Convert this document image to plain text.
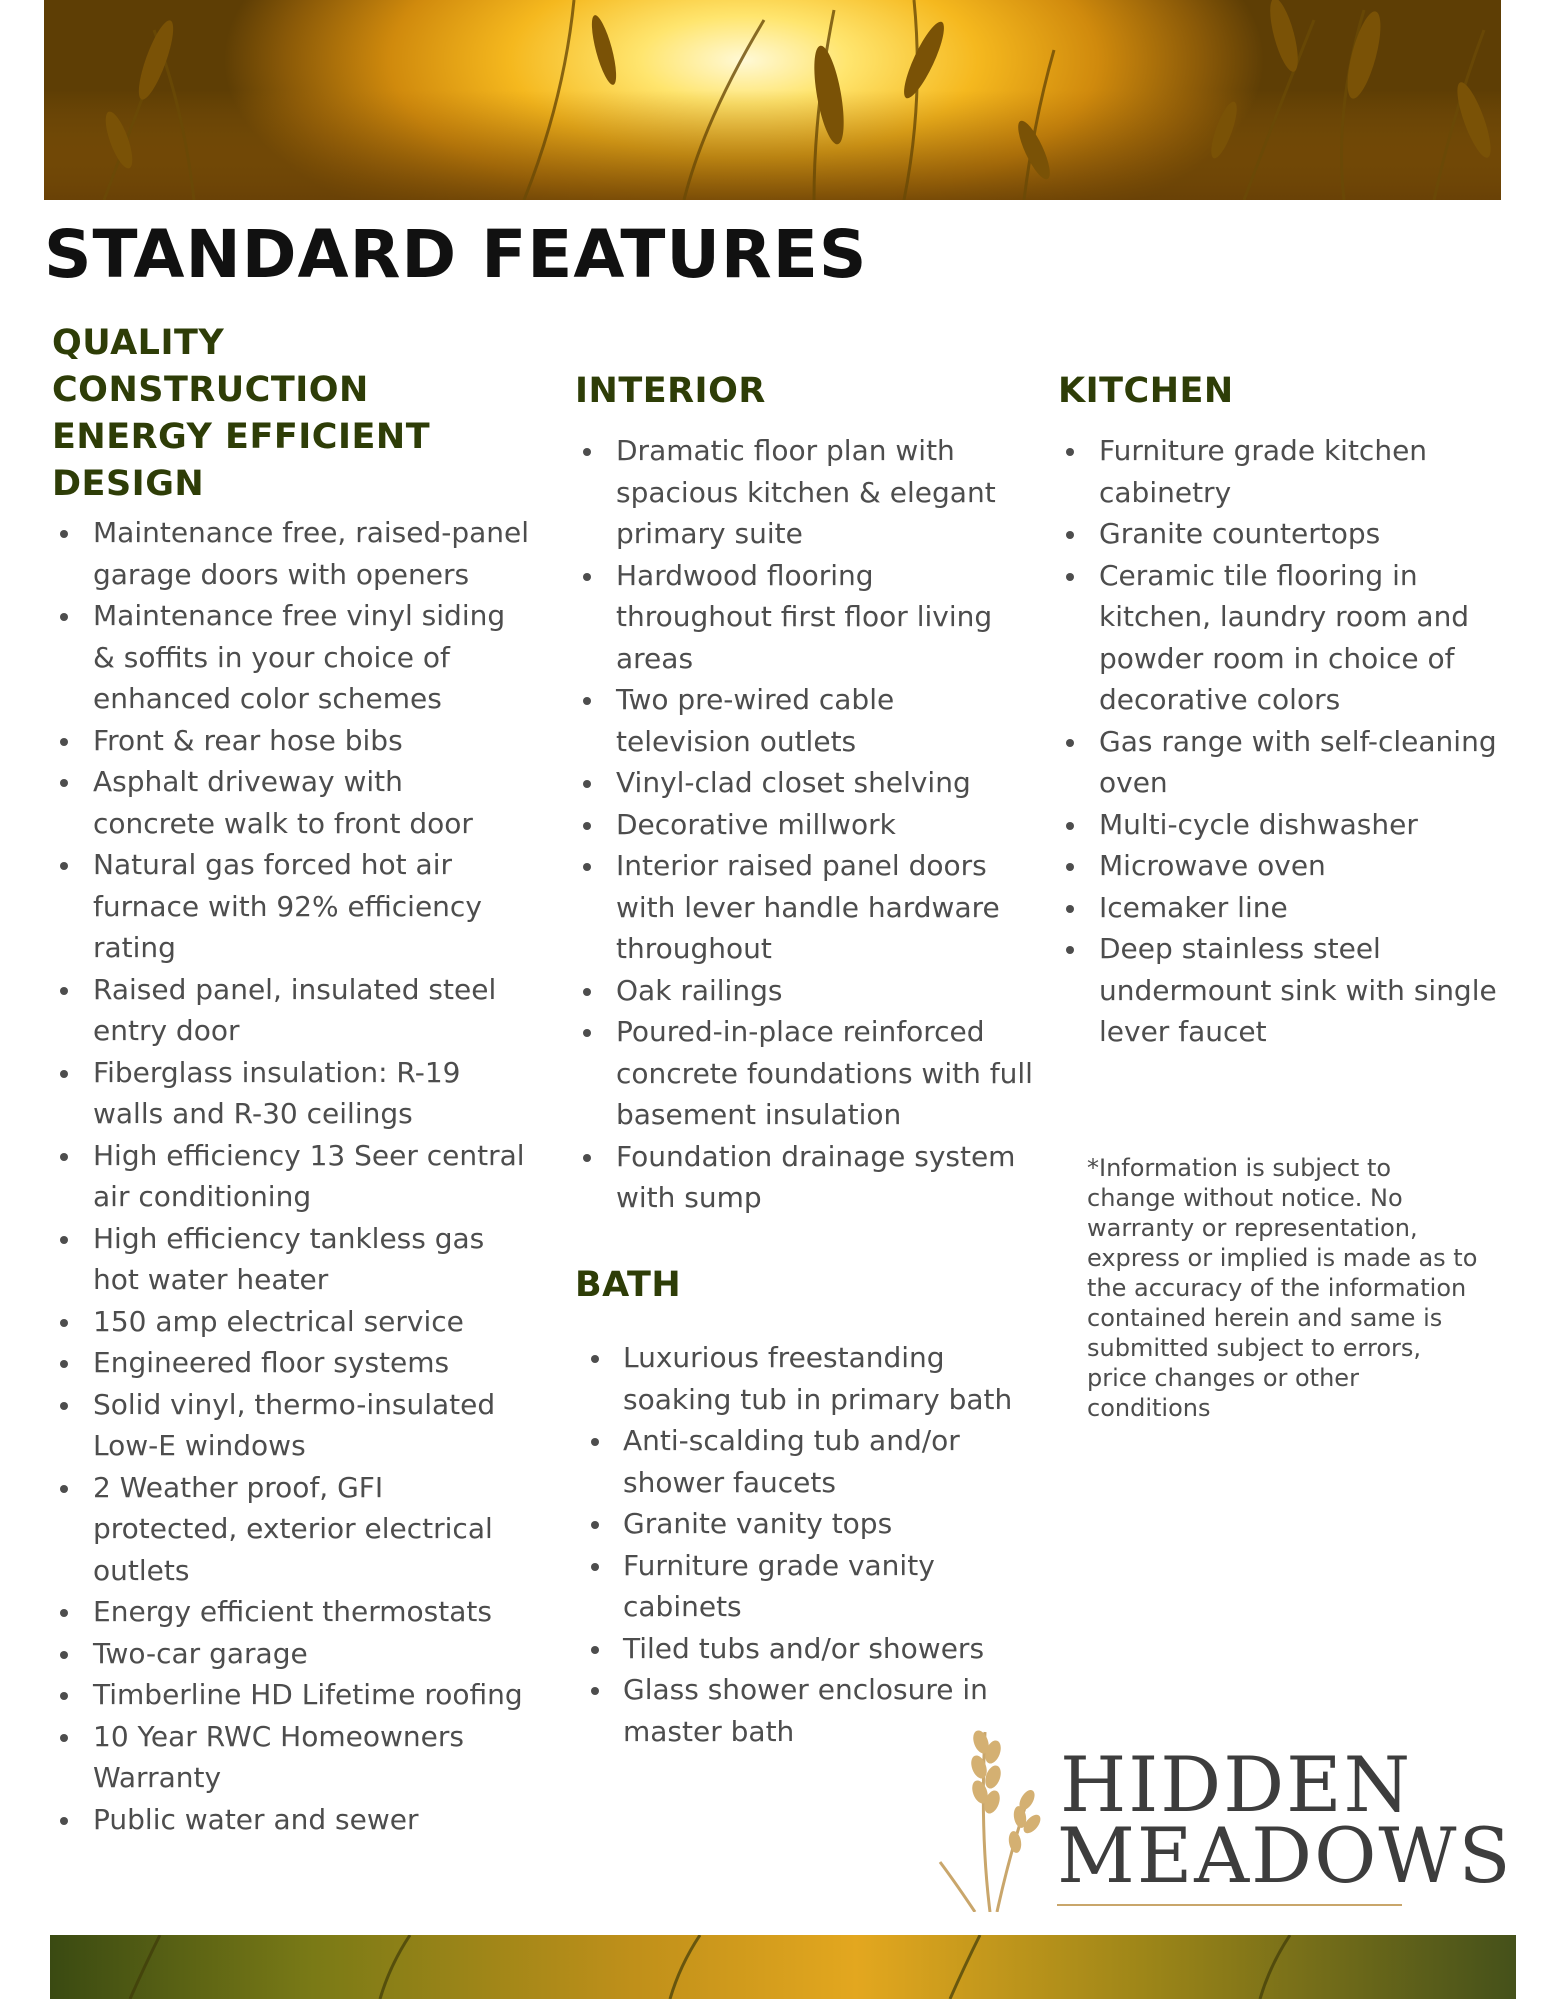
STANDARD FEATURES
QUALITY CONSTRUCTION
ENERGY EFFICIENT
DESIGN
Maintenance free, raised-panel garage doors with openers
Maintenance free vinyl siding & soffits in your choice of enhanced color schemes
Front & rear hose bibs
Asphalt driveway with concrete walk to front door
Natural gas forced hot air furnace with 92% efficiency rating
Raised panel, insulated steel entry door
Fiberglass insulation: R-19 walls and R-30 ceilings
High efficiency 13 Seer central air conditioning
High efficiency tankless gas hot water heater
150 amp electrical service
Engineered floor systems
Solid vinyl, thermo-insulated Low-E windows
2 Weather proof, GFI protected, exterior electrical outlets
Energy efficient thermostats
Two-car garage
Timberline HD Lifetime roofing
10 Year RWC Homeowners Warranty
Public water and sewer
INTERIOR
Dramatic floor plan with spacious kitchen & elegant primary suite
Hardwood flooring throughout first floor living areas
Two pre-wired cable television outlets
Vinyl-clad closet shelving
Decorative millwork
Interior raised panel doors with lever handle hardware throughout
Oak railings
Poured-in-place reinforced concrete foundations with full basement insulation
Foundation drainage system with sump
BATH
Luxurious freestanding soaking tub in primary bath
Anti-scalding tub and/or shower faucets
Granite vanity tops
Furniture grade vanity cabinets
Tiled tubs and/or showers
Glass shower enclosure in master bath
KITCHEN
Furniture grade kitchen cabinetry
Granite countertops
Ceramic tile flooring in kitchen, laundry room and powder room in choice of decorative colors
Gas range with self-cleaning oven
Multi-cycle dishwasher
Microwave oven
Icemaker line
Deep stainless steel undermount sink with single lever faucet

*Information is subject to change without notice. No warranty or representation, express or implied is made as to the accuracy of the information contained herein and same is submitted subject to errors, price changes or other conditions

HIDDEN
MEADOWS
